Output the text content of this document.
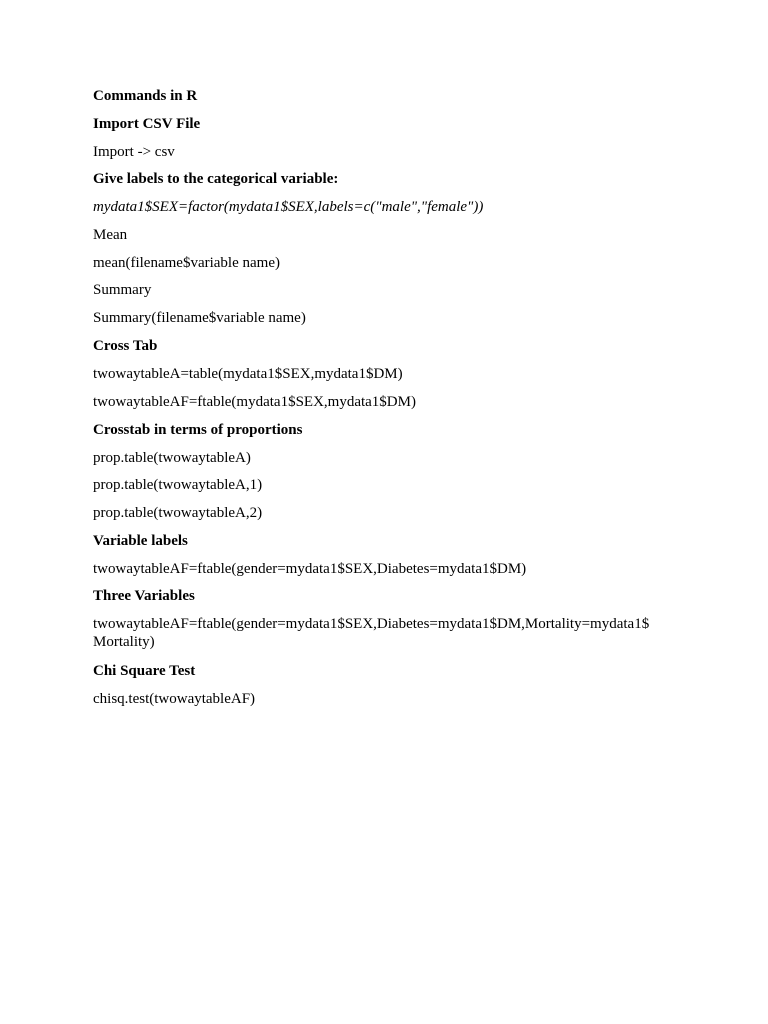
Commands in R
Import CSV File
Import -> csv
Give labels to the categorical variable:
mydata1$SEX=factor(mydata1$SEX,labels=c("male","female"))
Mean
mean(filename$variable name)
Summary
Summary(filename$variable name)
Cross Tab
twowaytableA=table(mydata1$SEX,mydata1$DM)
twowaytableAF=ftable(mydata1$SEX,mydata1$DM)
Crosstab in terms of proportions
prop.table(twowaytableA)
prop.table(twowaytableA,1)
prop.table(twowaytableA,2)
Variable labels
twowaytableAF=ftable(gender=mydata1$SEX,Diabetes=mydata1$DM)
Three Variables
twowaytableAF=ftable(gender=mydata1$SEX,Diabetes=mydata1$DM,Mortality=mydata1$
Mortality)
Chi Square Test
chisq.test(twowaytableAF)
